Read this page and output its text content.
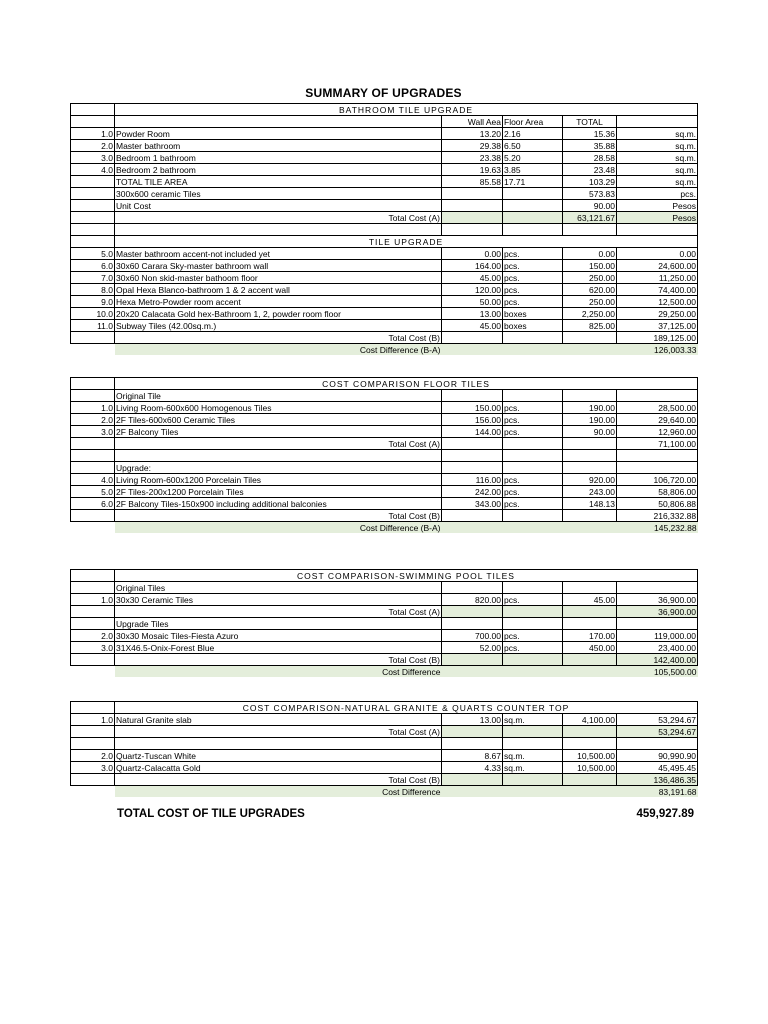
SUMMARY OF UPGRADES
	BATHROOM TILE UPGRADE				
		Wall Aea	Floor Area	TOTAL	
1.0	Powder Room	13.20	2.16	15.36	sq.m.
2.0	Master bathroom	29.38	6.50	35.88	sq.m.
3.0	Bedroom 1 bathroom	23.38	5.20	28.58	sq.m.
4.0	Bedroom 2 bathroom	19.63	3.85	23.48	sq.m.
	TOTAL TILE AREA	85.58	17.71	103.29	sq.m.
	300x600 ceramic Tiles			573.83	pcs.
	Unit Cost			90.00	Pesos
	Total Cost (A)			63,121.67	Pesos

	TILE UPGRADE				
5.0	Master bathroom accent-not included yet	0.00	pcs.	0.00	0.00
6.0	30x60 Carara Sky-master bathroom wall	164.00	pcs.	150.00	24,600.00
7.0	30x60 Non skid-master bathoom floor	45.00	pcs.	250.00	11,250.00
8.0	Opal Hexa Blanco-bathroom 1 & 2 accent wall	120.00	pcs.	620.00	74,400.00
9.0	Hexa Metro-Powder room accent	50.00	pcs.	250.00	12,500.00
10.0	20x20 Calacata Gold hex-Bathroom 1, 2, powder room floor	13.00	boxes	2,250.00	29,250.00
11.0	Subway Tiles (42.00sq.m.)	45.00	boxes	825.00	37,125.00
	Total Cost (B)				189,125.00
	Cost Difference (B-A)				126,003.33
	COST COMPARISON FLOOR TILES				
	Original Tile				
1.0	Living Room-600x600 Homogenous Tiles	150.00	pcs.	190.00	28,500.00
2.0	2F Tiles-600x600 Ceramic Tiles	156.00	pcs.	190.00	29,640.00
3.0	2F Balcony Tiles	144.00	pcs.	90.00	12,960.00
	Total Cost (A)				71,100.00

	Upgrade:				
4.0	Living Room-600x1200 Porcelain Tiles	116.00	pcs.	920.00	106,720.00
5.0	2F Tiles-200x1200 Porcelain Tiles	242.00	pcs.	243.00	58,806.00
6.0	2F Balcony Tiles-150x900 including additional balconies	343.00	pcs.	148.13	50,806.88
	Total Cost (B)				216,332.88
	Cost Difference (B-A)				145,232.88
	COST COMPARISON-SWIMMING POOL TILES				
	Original Tiles				
1.0	30x30 Ceramic Tiles	820.00	pcs.	45.00	36,900.00
	Total Cost (A)				36,900.00
	Upgrade Tiles				
2.0	30x30 Mosaic Tiles-Fiesta Azuro	700.00	pcs.	170.00	119,000.00
3.0	31X46.5-Onix-Forest Blue	52.00	pcs.	450.00	23,400.00
	Total Cost (B)				142,400.00
	Cost Difference				105,500.00
	COST COMPARISON-NATURAL GRANITE & QUARTS COUNTER TOP				
1.0	Natural Granite slab	13.00	sq.m.	4,100.00	53,294.67
	Total Cost (A)				53,294.67

2.0	Quartz-Tuscan White	8.67	sq.m.	10,500.00	90,990.90
3.0	Quartz-Calacatta Gold	4.33	sq.m.	10,500.00	45,495.45
	Total Cost (B)				136,486.35
	Cost Difference				83,191.68
TOTAL COST OF TILE UPGRADES	459,927.89
